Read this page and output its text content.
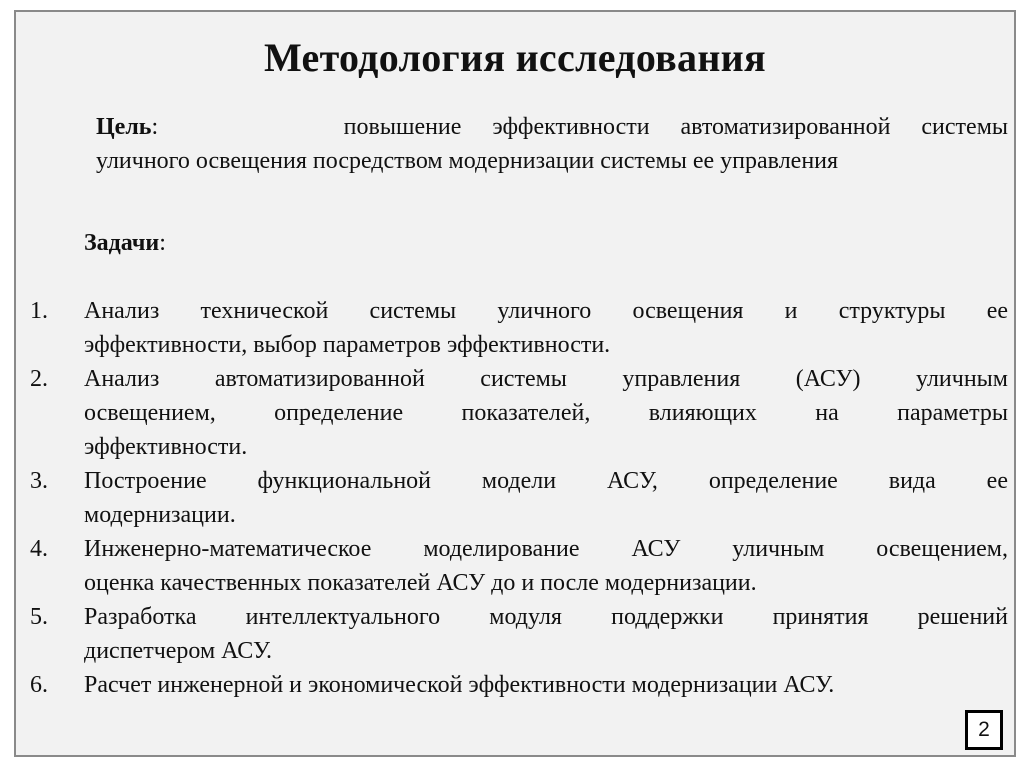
Методология исследования
Цель:	повышение эффективности автоматизированной системы
уличного освещения посредством модернизации системы ее управления
Задачи:
1. Анализ технической системы уличного освещения и структуры ее
эффективности, выбор параметров эффективности.
2. Анализ автоматизированной системы управления (АСУ) уличным
освещением, определение показателей, влияющих на параметры
эффективности.
3. Построение функциональной модели АСУ, определение вида ее
модернизации.
4. Инженерно-математическое моделирование АСУ уличным освещением,
оценка качественных показателей АСУ до и после модернизации.
5. Разработка интеллектуального модуля поддержки принятия решений
диспетчером АСУ.
6. Расчет инженерной и экономической эффективности модернизации АСУ.
2
